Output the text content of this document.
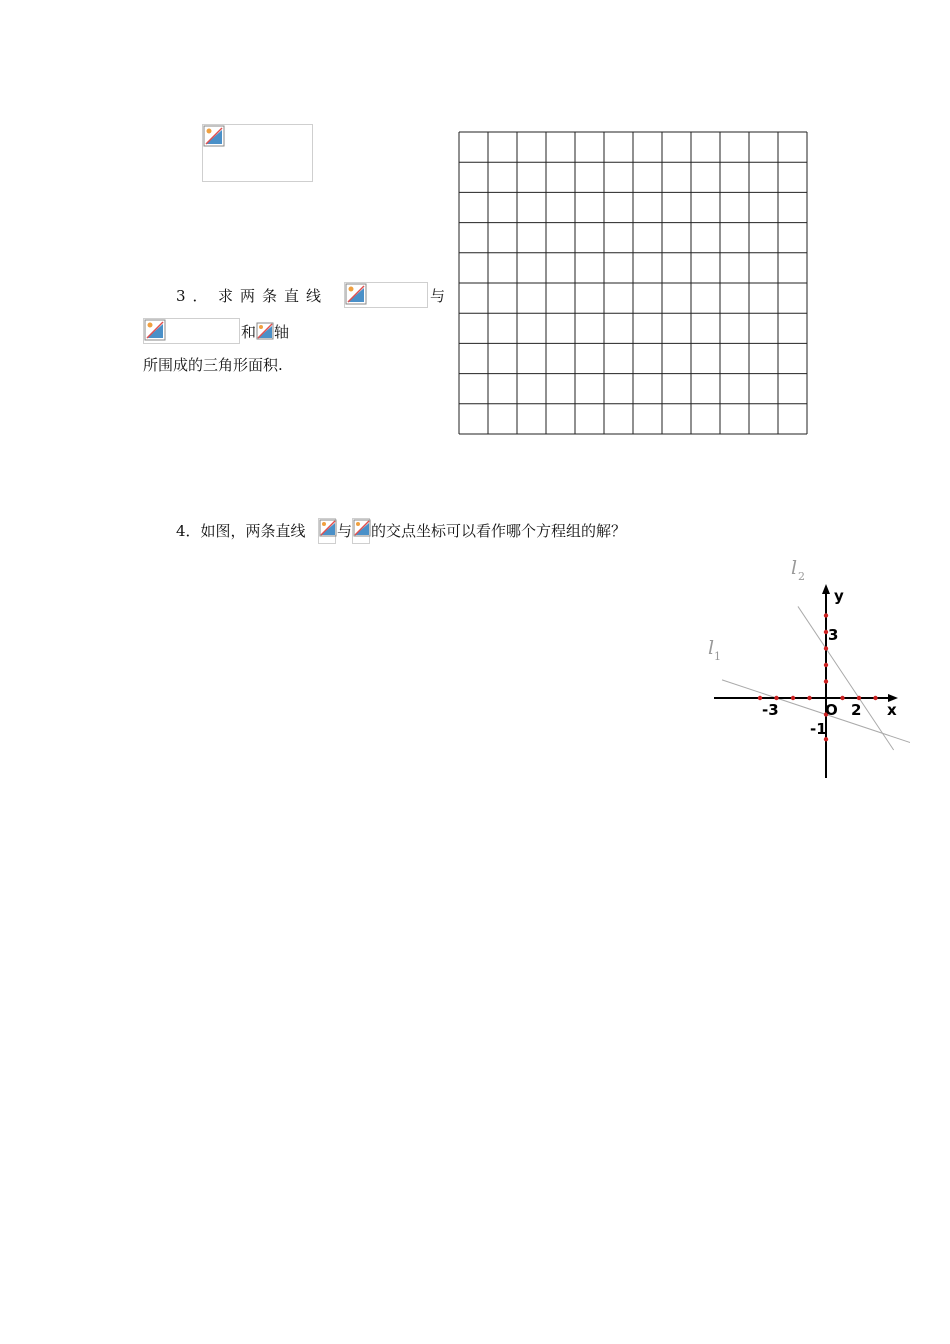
3． 求两条直线	与
和 轴
所围成的三角形面积.
4．如图，两条直线 与 的交点坐标可以看作哪个方程组的解？
x
y
O
-3	2
3
-1
l 1
l 2
